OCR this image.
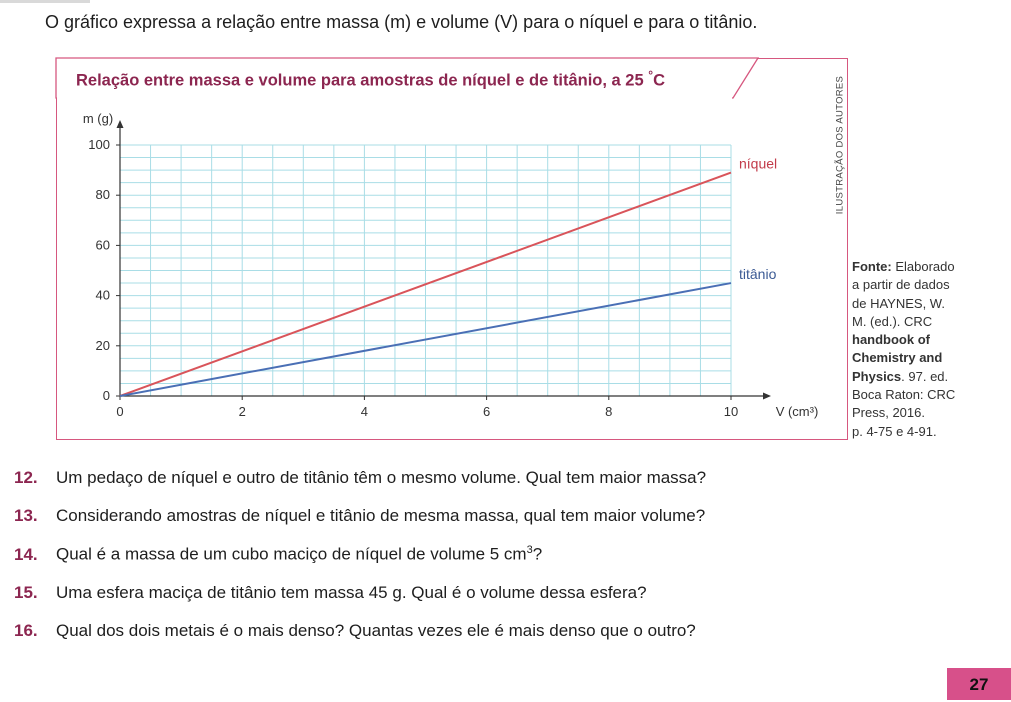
O gráfico expressa a relação entre massa (m) e volume (V) para o níquel e para o titânio.
Relação entre massa e volume para amostras de níquel e de titânio, a 25 °C
0	2	4	6	8	10
0
20
40
60
80
100
m (g)
V (cm³)
níquel
titânio
ILUSTRAÇÃO DOS AUTORES
Fonte: Elaborado
a partir de dados
de HAYNES, W.
M. (ed.). CRC
handbook of
Chemistry and
Physics. 97. ed.
Boca Raton: CRC
Press, 2016.
p. 4-75 e 4-91.
12. Um pedaço de níquel e outro de titânio têm o mesmo volume. Qual tem maior massa?
13. Considerando amostras de níquel e titânio de mesma massa, qual tem maior volume?
14. Qual é a massa de um cubo maciço de níquel de volume 5 $cm^3$?
15. Uma esfera maciça de titânio tem massa 45 g. Qual é o volume dessa esfera?
16. Qual dos dois metais é o mais denso? Quantas vezes ele é mais denso que o outro?
27
